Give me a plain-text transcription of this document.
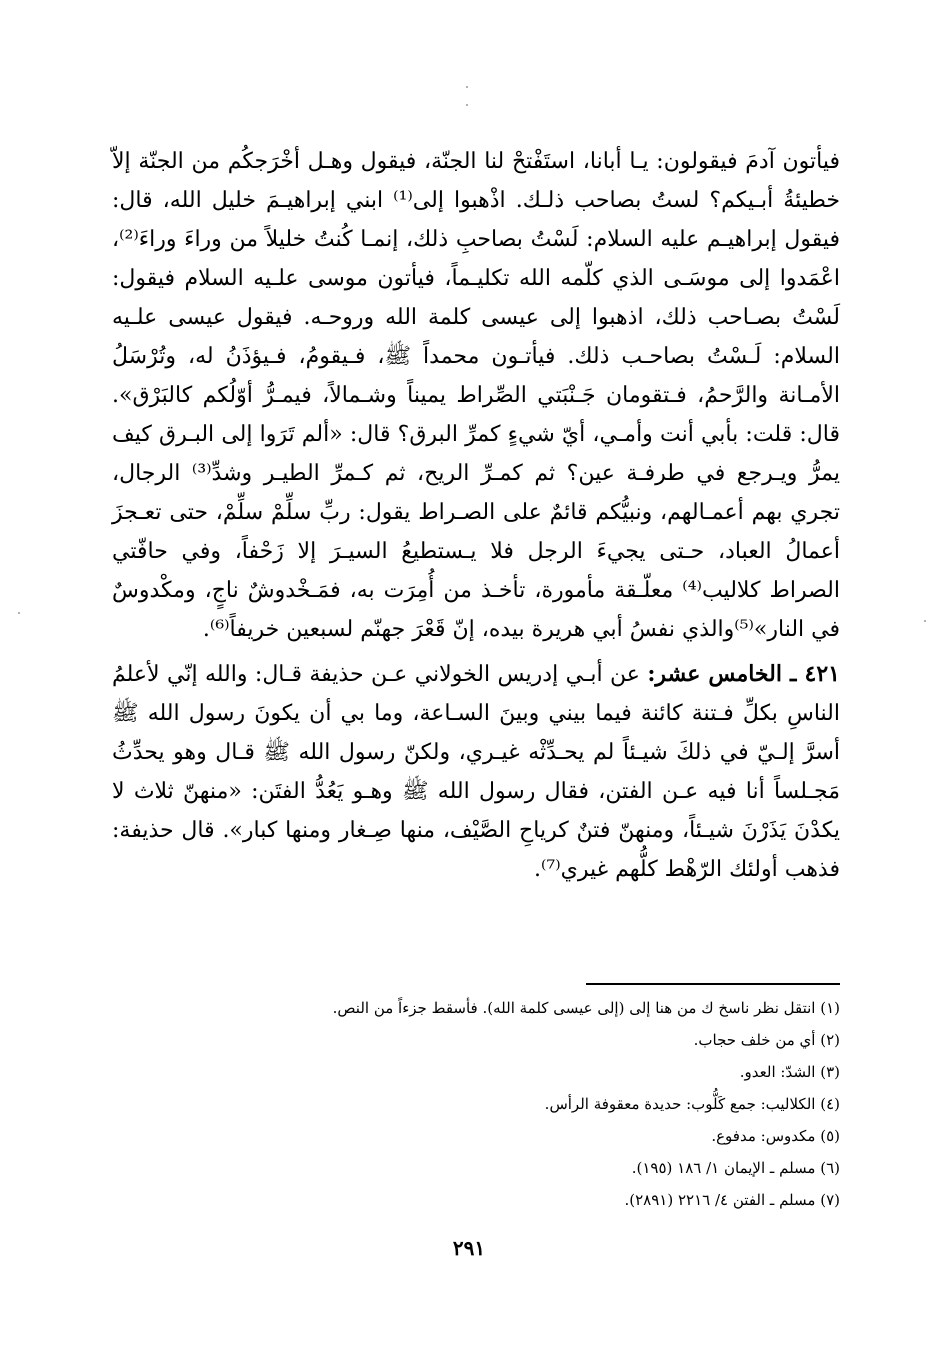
فيأتون آدمَ فيقولون: يـا أبانا، استَفْتحْ لنا الجنّة، فيقول وهـل أخْرَجكُم من الجنّة إلاّ خطيئةُ أبـيكم؟ لستُ بصاحب ذلـك. اذْهبوا إلى⁽¹⁾ ابني إبراهيـمَ خليل الله، قال: فيقول إبراهيـم عليه السلام: لَسْتُ بصاحبِ ذلك، إنمـا كُنتُ خليلاً من وراءَ وراءَ⁽²⁾، اعْمَدوا إلى موسَـى الذي كلّمه الله تكليـماً، فيأتون موسى علـيه السلام فيقول: لَسْتُ بصـاحب ذلك، اذهبوا إلى عيسى كلمة الله وروحـه. فيقول عيسى علـيه السلام: لَـسْتُ بصاحـب ذلك. فيأتـون محمداً ﷺ، فـيقومُ، فـيؤذَنُ له، وتُرْسَلُ الأمـانة والرَّحمُ، فـتقومان جَـنْبَتي الصِّراط يميناً وشـمالاً، فيمـرُّ أوّلُكم كالبَرْق». قال: قلت: بأبي أنت وأمـي، أيّ شيءٍ كمرِّ البرق؟ قال: «ألم تَرَوا إلى البـرق كيف يمرُّ ويـرجع في طرفـة عين؟ ثم كمـرِّ الريح، ثم كـمرِّ الطيـر وشدِّ⁽³⁾ الرجال، تجري بهم أعمـالهم، ونبيُّكم قائمٌ على الصـراط يقول: ربِّ سلِّمْ سلِّمْ، حتى تعـجزَ أعمالُ العباد، حـتى يجيءَ الرجل فلا يـستطيعُ السيـرَ إلا زَحْفاً، وفي حافّتي الصراط كلاليب⁽⁴⁾ معلّـقة مأمورة، تأخـذ من أُمِرَت به، فمَـخْدوشٌ ناجٍ، ومكْدوسٌ في النار»⁽⁵⁾والذي نفسُ أبي هريرة بيده، إنّ قَعْرَ جهنّم لسبعين خريفاً⁽⁶⁾.

٤٢١ ـ الخامس عشر: عن أبـي إدريس الخولاني عـن حذيفة قـال: والله إنّي لأعلمُ الناسِ بكلِّ فـتنة كائنة فيما بيني وبينَ السـاعة، وما بي أن يكونَ رسول الله ﷺ أسرَّ إلـيّ في ذلكَ شيـئاً لم يحـدِّثْه غيـري، ولكنّ رسول الله ﷺ قـال وهو يحدِّثُ مَجـلساً أنا فيه عـن الفتن، فقال رسول الله ﷺ وهـو يَعُدُّ الفتَن: «منهنّ ثلاث لا يكدْنَ يَذَرْنَ شيـئاً، ومنهنّ فتنٌ كرياحِ الصَّيْف، منها صِـغار ومنها كبار». قال حذيفة: فذهب أولئك الرّهْط كلُّهم غيري⁽⁷⁾.

(١) انتقل نظر ناسخ ك من هنا إلى (إلى عيسى كلمة الله). فأسقط جزءاً من النص.
(٢) أي من خلف حجاب.
(٣) الشدّ: العدو.
(٤) الكلاليب: جمع كَلُّوب: حديدة معقوفة الرأس.
(٥) مكدوس: مدفوع.
(٦) مسلم ـ الإيمان ١/ ١٨٦ (١٩٥).
(٧) مسلم ـ الفتن ٤/ ٢٢١٦ (٢٨٩١).
٢٩١
